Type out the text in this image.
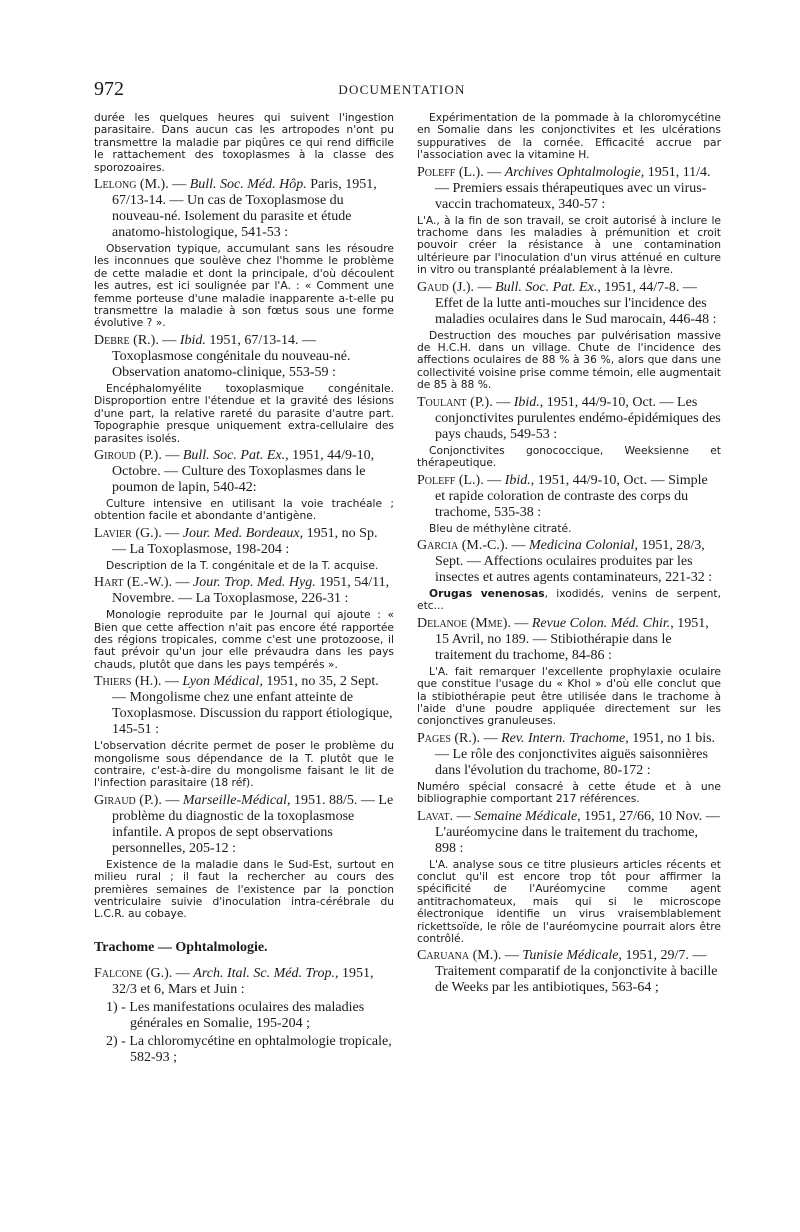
972	DOCUMENTATION

durée les quelques heures qui suivent l'ingestion parasitaire. Dans aucun cas les artropodes n'ont pu transmettre la maladie par piqûres ce qui rend difficile le rattachement des toxoplasmes à la classe des sporozoaires.

Lelong (M.). — Bull. Soc. Méd. Hôp. Paris, 1951, 67/13-14. — Un cas de Toxoplasmose du nouveau-né. Isolement du parasite et étude anatomo-histologique, 541-53 :

Observation typique, accumulant sans les résoudre les inconnues que soulève chez l'homme le problème de cette maladie et dont la principale, d'où découlent les autres, est ici soulignée par l'A. : « Comment une femme porteuse d'une maladie inapparente a-t-elle pu transmettre la maladie à son fœtus sous une forme évolutive ? ».

Debre (R.). — Ibid. 1951, 67/13-14. — Toxoplasmose congénitale du nouveau-né. Observation anatomo-clinique, 553-59 :

Encéphalomyélite toxoplasmique congénitale. Disproportion entre l'étendue et la gravité des lésions d'une part, la relative rareté du parasite d'autre part. Topographie presque uniquement extra-cellulaire des parasites isolés.

Giroud (P.). — Bull. Soc. Pat. Ex., 1951, 44/9-10, Octobre. — Culture des Toxoplasmes dans le poumon de lapin, 540-42:

Culture intensive en utilisant la voie trachéale ; obtention facile et abondante d'antigène.

Lavier (G.). — Jour. Med. Bordeaux, 1951, no Sp. — La Toxoplasmose, 198-204 :

Description de la T. congénitale et de la T. acquise.

Hart (E.-W.). — Jour. Trop. Med. Hyg. 1951, 54/11, Novembre. — La Toxoplasmose, 226-31 :

Monologie reproduite par le Journal qui ajoute : « Bien que cette affection n'ait pas encore été rapportée des régions tropicales, comme c'est une protozoose, il faut prévoir qu'un jour elle prévaudra dans les pays chauds, plutôt que dans les pays tempérés ».

Thiers (H.). — Lyon Médical, 1951, no 35, 2 Sept. — Mongolisme chez une enfant atteinte de Toxoplasmose. Discussion du rapport étiologique, 145-51 :

L'observation décrite permet de poser le problème du mongolisme sous dépendance de la T. plutôt que le contraire, c'est-à-dire du mongolisme faisant le lit de l'infection parasitaire (18 réf).

Giraud (P.). — Marseille-Médical, 1951. 88/5. — Le problème du diagnostic de la toxoplasmose infantile. A propos de sept observations personnelles, 205-12 :

Existence de la maladie dans le Sud-Est, surtout en milieu rural ; il faut la rechercher au cours des premières semaines de l'existence par la ponction ventriculaire suivie d'inoculation intra-cérébrale du L.C.R. au cobaye.

Trachome — Ophtalmologie.

Falcone (G.). — Arch. Ital. Sc. Méd. Trop., 1951, 32/3 et 6, Mars et Juin :

1) - Les manifestations oculaires des maladies générales en Somalie, 195-204 ;

2) - La chloromycétine en ophtalmologie tropicale, 582-93 ;

Expérimentation de la pommade à la chloromycétine en Somalie dans les conjonctivites et les ulcérations suppuratives de la cornée. Efficacité accrue par l'association avec la vitamine H.

Poleff (L.). — Archives Ophtalmologie, 1951, 11/4. — Premiers essais thérapeutiques avec un virus-vaccin trachomateux, 340-57 :

L'A., à la fin de son travail, se croit autorisé à inclure le trachome dans les maladies à prémunition et croit pouvoir créer la résistance à une contamination ultérieure par l'inoculation d'un virus atténué en culture in vitro ou transplanté préalablement à la lèvre.

Gaud (J.). — Bull. Soc. Pat. Ex., 1951, 44/7-8. — Effet de la lutte anti-mouches sur l'incidence des maladies oculaires dans le Sud marocain, 446-48 :

Destruction des mouches par pulvérisation massive de H.C.H. dans un village. Chute de l'incidence des affections oculaires de 88 % à 36 %, alors que dans une collectivité voisine prise comme témoin, elle augmentait de 85 à 88 %.

Toulant (P.). — Ibid., 1951, 44/9-10, Oct. — Les conjonctivites purulentes endémo-épidémiques des pays chauds, 549-53 :

Conjonctivites gonococcique, Weeksienne et thérapeutique.

Poleff (L.). — Ibid., 1951, 44/9-10, Oct. — Simple et rapide coloration de contraste des corps du trachome, 535-38 :

Bleu de méthylène citraté.

Garcia (M.-C.). — Medicina Colonial, 1951, 28/3, Sept. — Affections oculaires produites par les insectes et autres agents contaminateurs, 221-32 :

Orugas venenosas, ixodidés, venins de serpent, etc...

Delanoe (Mme). — Revue Colon. Méd. Chir., 1951, 15 Avril, no 189. — Stibiothérapie dans le traitement du trachome, 84-86 :

L'A. fait remarquer l'excellente prophylaxie oculaire que constitue l'usage du « Khol » d'où elle conclut que la stibiothérapie peut être utilisée dans le trachome à l'aide d'une poudre appliquée directement sur les conjonctives granuleuses.

Pages (R.). — Rev. Intern. Trachome, 1951, no 1 bis. — Le rôle des conjonctivites aiguës saisonnières dans l'évolution du trachome, 80-172 :

Numéro spécial consacré à cette étude et à une bibliographie comportant 217 références.

Lavat. — Semaine Médicale, 1951, 27/66, 10 Nov. — L'auréomycine dans le traitement du trachome, 898 :

L'A. analyse sous ce titre plusieurs articles récents et conclut qu'il est encore trop tôt pour affirmer la spécificité de l'Auréomycine comme agent antitrachomateux, mais qui si le microscope électronique identifie un virus vraisemblablement rickettsoïde, le rôle de l'auréomycine pourrait alors être contrôlé.

Caruana (M.). — Tunisie Médicale, 1951, 29/7. — Traitement comparatif de la conjonctivite à bacille de Weeks par les antibiotiques, 563-64 ;
